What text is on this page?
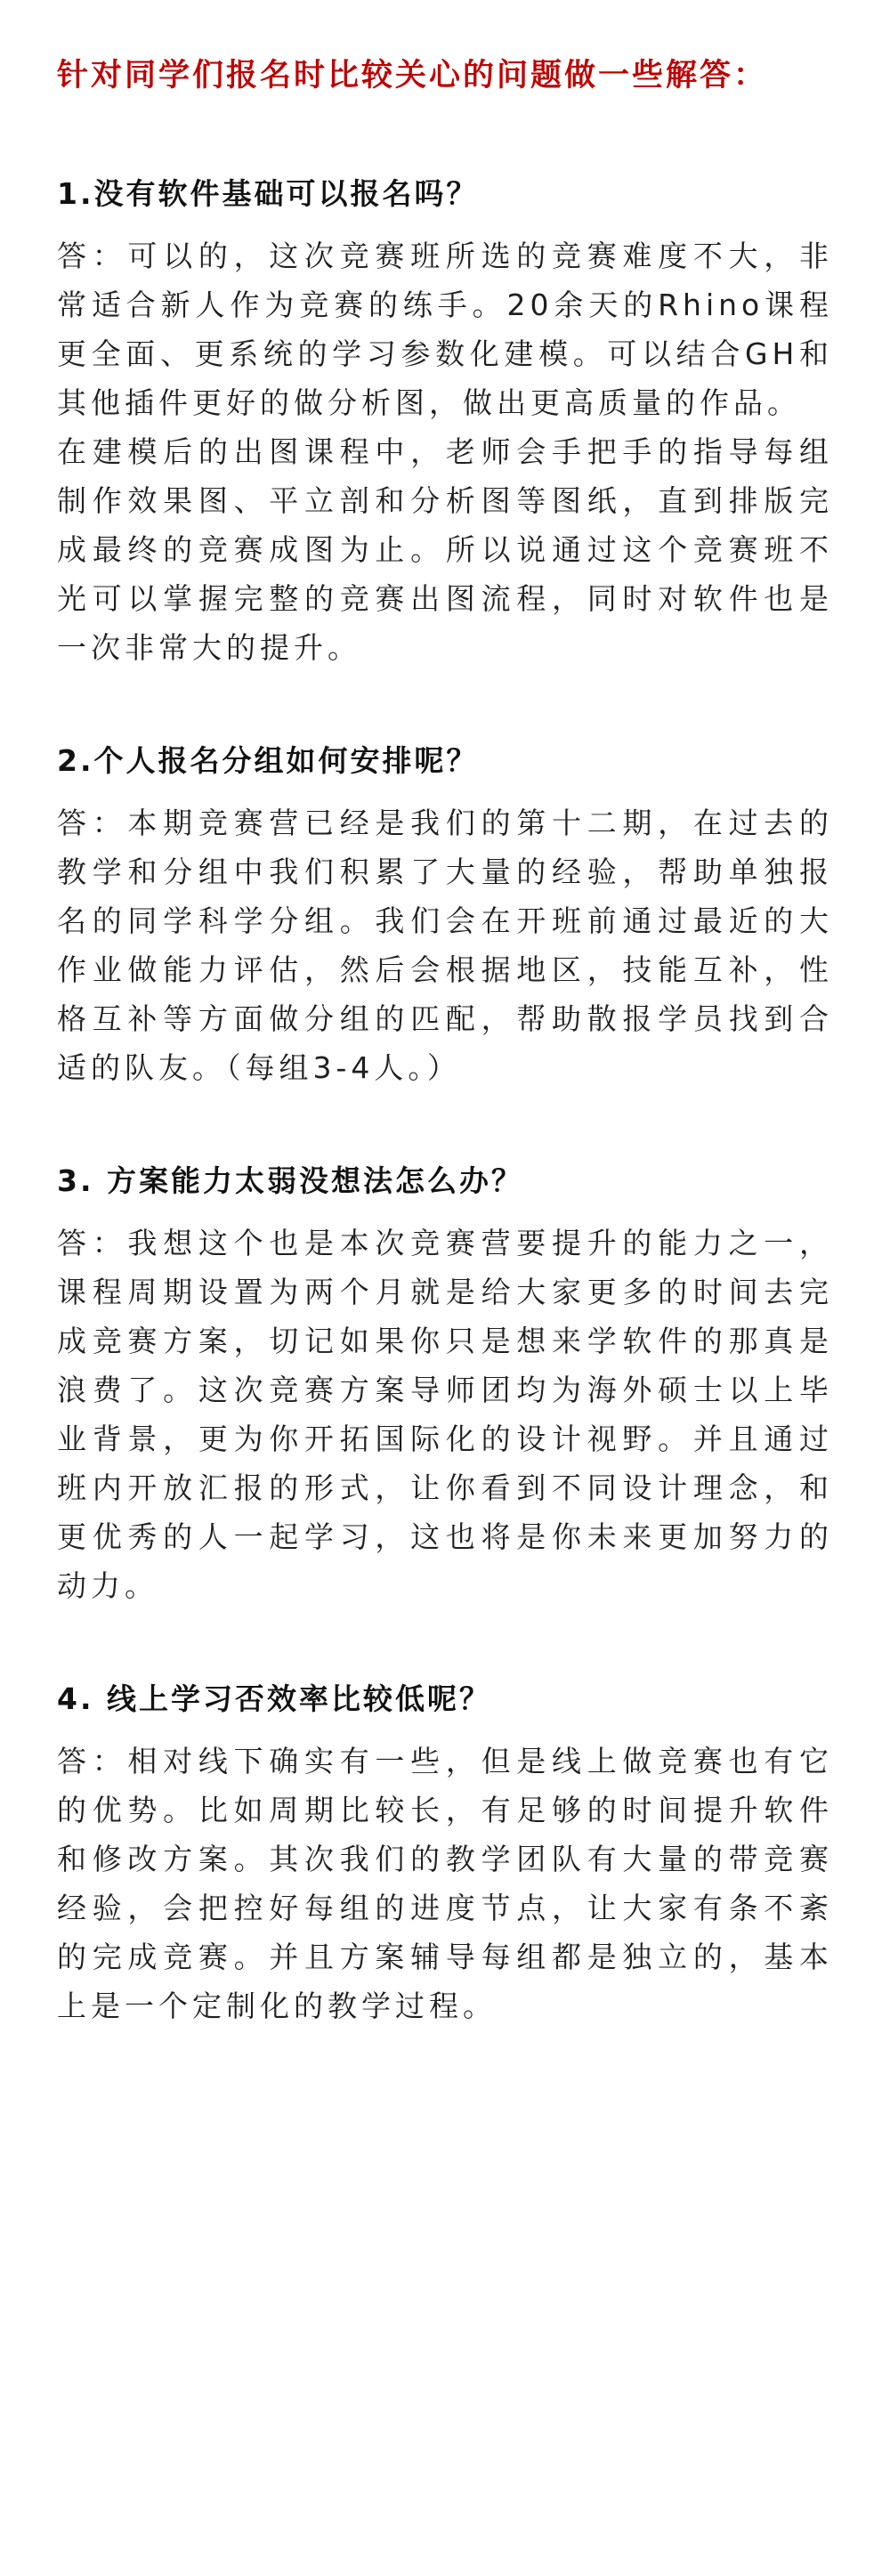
针对同学们报名时比较关心的问题做一些解答：

1.没有软件基础可以报名吗？

答：可以的，这次竞赛班所选的竞赛难度不大，非常适合新人作为竞赛的练手。20余天的Rhino课程更全面、更系统的学习参数化建模。可以结合GH和其他插件更好的做分析图，做出更高质量的作品。

在建模后的出图课程中，老师会手把手的指导每组制作效果图、平立剖和分析图等图纸，直到排版完成最终的竞赛成图为止。所以说通过这个竞赛班不光可以掌握完整的竞赛出图流程，同时对软件也是一次非常大的提升。

2.个人报名分组如何安排呢？

答：本期竞赛营已经是我们的第十二期，在过去的教学和分组中我们积累了大量的经验，帮助单独报名的同学科学分组。我们会在开班前通过最近的大作业做能力评估，然后会根据地区，技能互补，性格互补等方面做分组的匹配，帮助散报学员找到合适的队友。（每组3-4人。）

3. 方案能力太弱没想法怎么办？

答：我想这个也是本次竞赛营要提升的能力之一，课程周期设置为两个月就是给大家更多的时间去完成竞赛方案，切记如果你只是想来学软件的那真是浪费了。这次竞赛方案导师团均为海外硕士以上毕业背景，更为你开拓国际化的设计视野。并且通过班内开放汇报的形式，让你看到不同设计理念，和更优秀的人一起学习，这也将是你未来更加努力的动力。

4. 线上学习否效率比较低呢？

答：相对线下确实有一些，但是线上做竞赛也有它的优势。比如周期比较长，有足够的时间提升软件和修改方案。其次我们的教学团队有大量的带竞赛经验，会把控好每组的进度节点，让大家有条不紊的完成竞赛。并且方案辅导每组都是独立的，基本上是一个定制化的教学过程。
